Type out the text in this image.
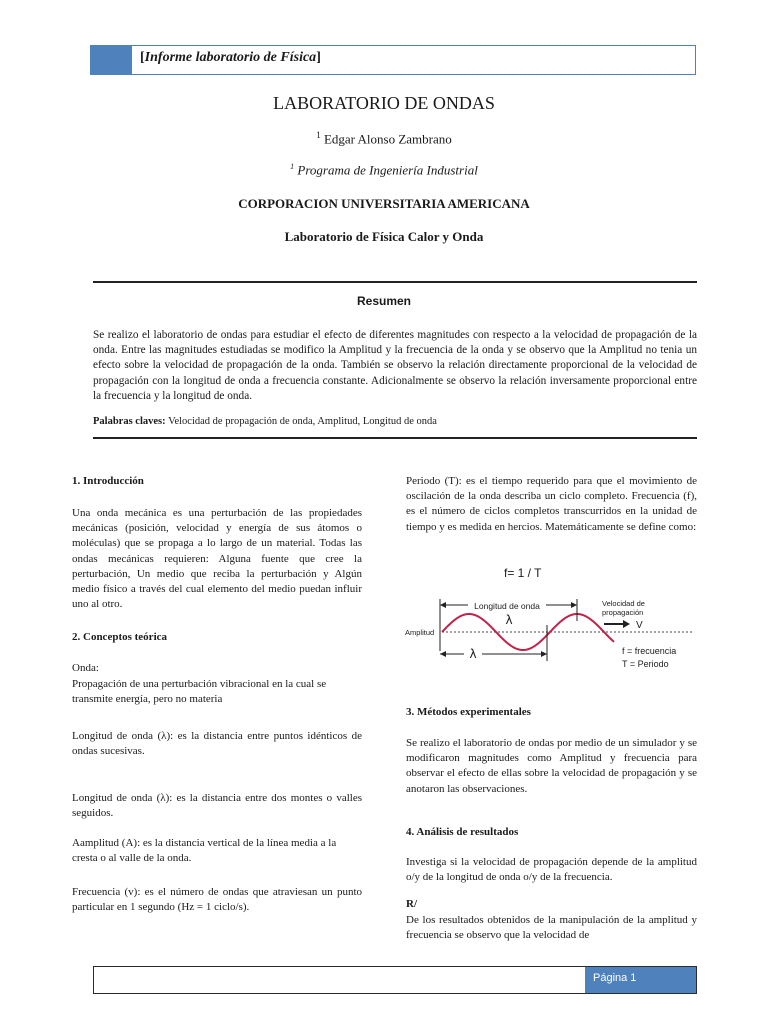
[Informe laboratorio de Física]
LABORATORIO DE ONDAS
$^1$ Edgar Alonso Zambrano
$^1$ Programa de Ingeniería Industrial
CORPORACION UNIVERSITARIA AMERICANA
Laboratorio de Física Calor y Onda
Resumen
Se realizo el laboratorio de ondas para estudiar el efecto de diferentes magnitudes con respecto a la velocidad de propagación de la onda. Entre las magnitudes estudiadas se modifico la Amplitud y la frecuencia de la onda y se observo que la Amplitud no tenia un efecto sobre la velocidad de propagación de la onda. También se observo la relación directamente proporcional de la velocidad de propagación con la longitud de onda a frecuencia constante. Adicionalmente se observo la relación inversamente proporcional entre la frecuencia y la longitud de onda.
Palabras claves: Velocidad de propagación de onda, Amplitud, Longitud de onda
1. Introducción
Una onda mecánica es una perturbación de las propiedades mecánicas (posición, velocidad y energía de sus átomos o moléculas) que se propaga a lo largo de un material. Todas las ondas mecánicas requieren: Alguna fuente que cree la perturbación, Un medio que reciba la perturbación y Algún medio físico a través del cual elemento del medio puedan influir uno al otro.
2. Conceptos teórica
Onda:
Propagación de una perturbación vibracional en la cual se transmite energía, pero no materia
Longitud de onda (λ): es la distancia entre puntos idénticos de ondas sucesivas.
Longitud de onda (λ): es la distancia entre dos montes o valles seguidos.
Aamplitud (A): es la distancia vertical de la línea media a la cresta o al valle de la onda.
Frecuencia (v): es el número de ondas que atraviesan un punto particular en 1 segundo (Hz = 1 ciclo/s).
Periodo (T): es el tiempo requerido para que el movimiento de oscilación de la onda describa un ciclo completo. Frecuencia (f), es el número de ciclos completos transcurridos en la unidad de tiempo y es medida en hercios. Matemáticamente se define como:
f= 1 / T
Longitud de onda
λ
Amplitud
λ
Velocidad de
propagación
V
f = frecuencia
T = Periodo
3. Métodos experimentales
Se realizo el laboratorio de ondas por medio de un simulador y se modificaron magnitudes como Amplitud y frecuencia para observar el efecto de ellas sobre la velocidad de propagación y se anotaron las observaciones.
4. Análisis de resultados
Investiga si la velocidad de propagación depende de la amplitud o/y de la longitud de onda o/y de la frecuencia.
R/
De los resultados obtenidos de la manipulación de la amplitud y frecuencia se observo que la velocidad de
Página 1
